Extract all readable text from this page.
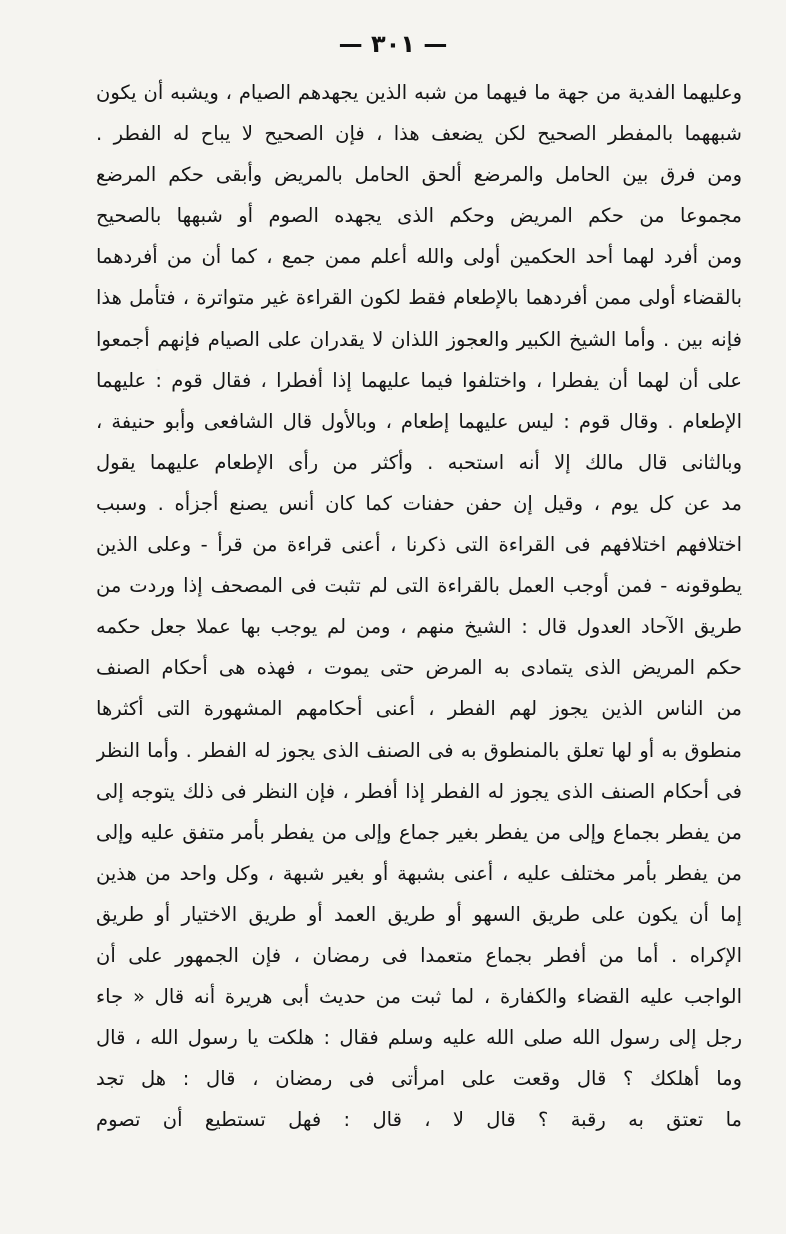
— ٣٠١ —
وعليهما الفدية من جهة ما فيهما من شبه الذين يجهدهم الصيام ، ويشبه أن يكون
شبههما بالمفطر الصحيح لكن يضعف هذا ، فإن الصحيح لا يباح له الفطر .
ومن فرق بين الحامل والمرضع ألحق الحامل بالمريض وأبقى حكم المرضع
مجموعا من حكم المريض وحكم الذى يجهده الصوم أو شبهها بالصحيح
ومن أفرد لهما أحد الحكمين أولى والله أعلم ممن جمع ، كما أن من أفردهما
بالقضاء أولى ممن أفردهما بالإطعام فقط لكون القراءة غير متواترة ، فتأمل هذا
فإنه بين . وأما الشيخ الكبير والعجوز اللذان لا يقدران على الصيام فإنهم أجمعوا
على أن لهما أن يفطرا ، واختلفوا فيما عليهما إذا أفطرا ، فقال قوم : عليهما
الإطعام . وقال قوم : ليس عليهما إطعام ، وبالأول قال الشافعى وأبو حنيفة ،
وبالثانى قال مالك إلا أنه استحبه . وأكثر من رأى الإطعام عليهما يقول
مد عن كل يوم ، وقيل إن حفن حفنات كما كان أنس يصنع أجزأه . وسبب
اختلافهم اختلافهم فى القراءة التى ذكرنا ، أعنى قراءة من قرأ - وعلى الذين
يطوقونه - فمن أوجب العمل بالقراءة التى لم تثبت فى المصحف إذا وردت من
طريق الآحاد العدول قال : الشيخ منهم ، ومن لم يوجب بها عملا جعل حكمه
حكم المريض الذى يتمادى به المرض حتى يموت ، فهذه هى أحكام الصنف
من الناس الذين يجوز لهم الفطر ، أعنى أحكامهم المشهورة التى أكثرها
منطوق به أو لها تعلق بالمنطوق به فى الصنف الذى يجوز له الفطر . وأما النظر
فى أحكام الصنف الذى يجوز له الفطر إذا أفطر ، فإن النظر فى ذلك يتوجه إلى
من يفطر بجماع وإلى من يفطر بغير جماع وإلى من يفطر بأمر متفق عليه وإلى
من يفطر بأمر مختلف عليه ، أعنى بشبهة أو بغير شبهة ، وكل واحد من هذين
إما أن يكون على طريق السهو أو طريق العمد أو طريق الاختيار أو طريق
الإكراه . أما من أفطر بجماع متعمدا فى رمضان ، فإن الجمهور على أن
الواجب عليه القضاء والكفارة ، لما ثبت من حديث أبى هريرة أنه قال « جاء
رجل إلى رسول الله صلى الله عليه وسلم فقال : هلكت يا رسول الله ، قال
وما أهلكك ؟ قال وقعت على امرأتى فى رمضان ، قال : هل تجد
ما تعتق به رقبة ؟ قال لا ، قال : فهل تستطيع أن تصوم
